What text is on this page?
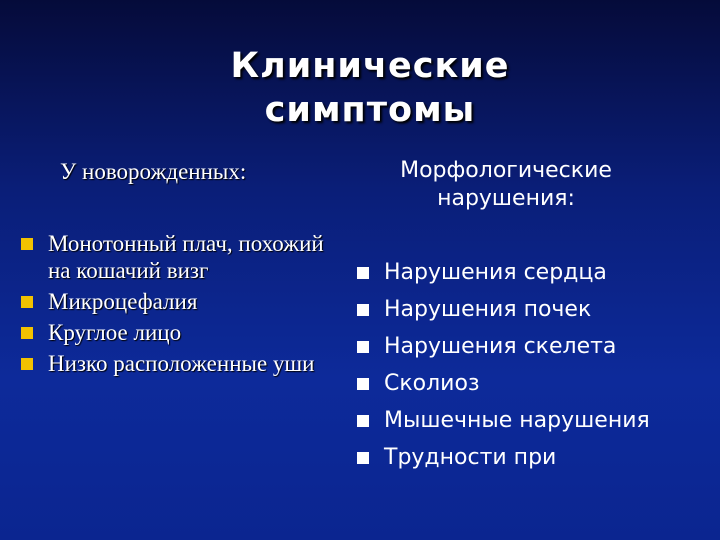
Клинические
симптомы
У новорожденных:
Монотонный плач, похожий на кошачий визг
Микроцефалия
Круглое лицо
Низко расположенные уши
Морфологические
нарушения:
Нарушения сердца
Нарушения почек
Нарушения скелета
Сколиоз
Мышечные нарушения
Трудности при
